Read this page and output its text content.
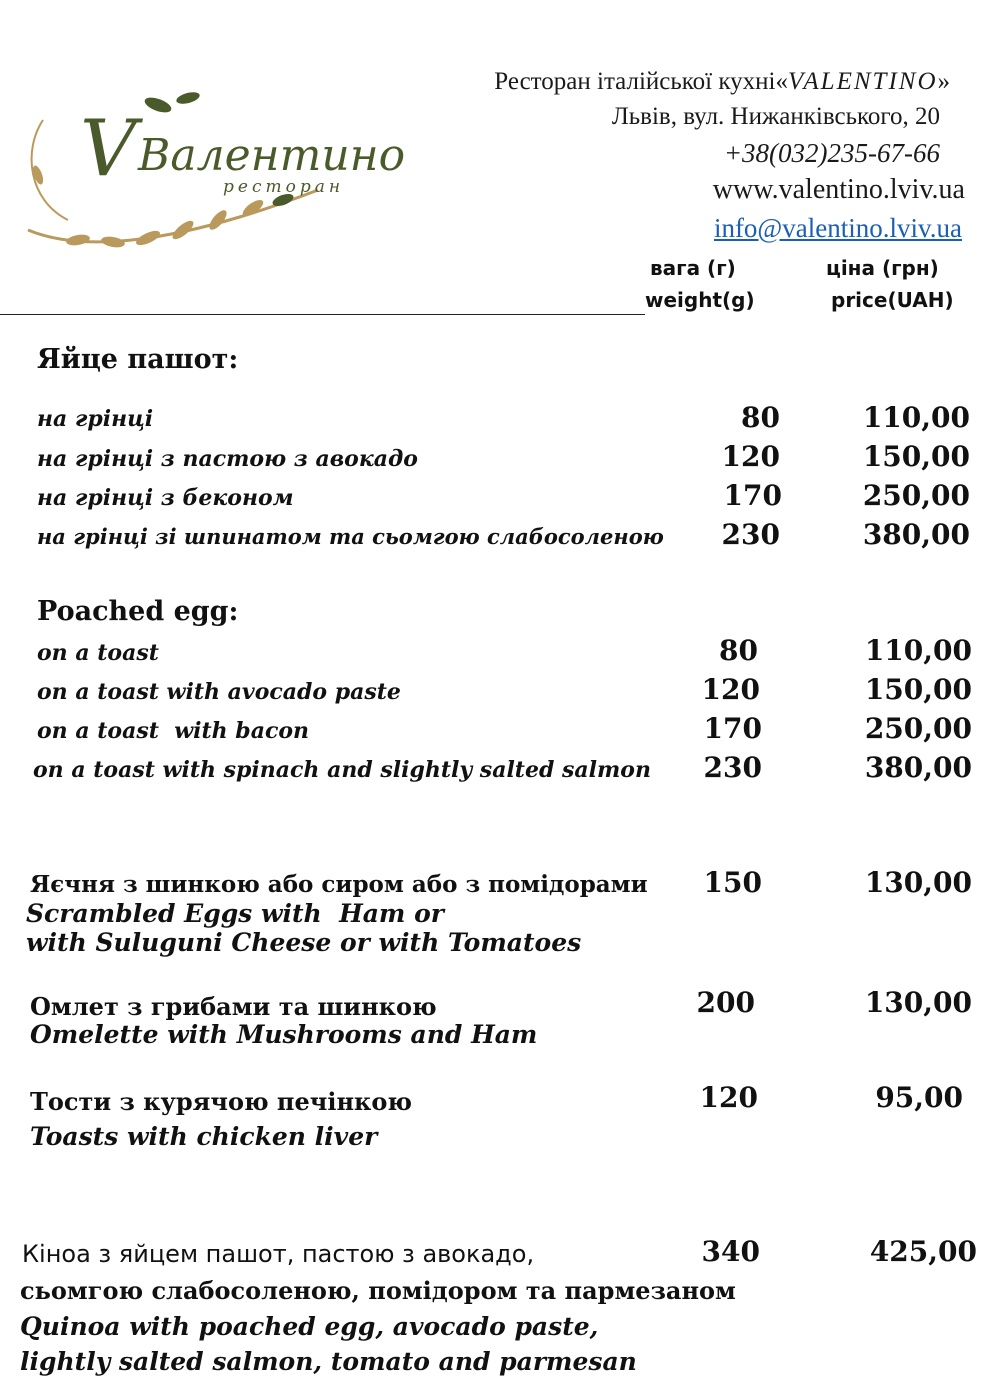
V Валентино
ресторан
Ресторан італійської кухні«VALENTINO»
Львів, вул. Нижанківського, 20
+38(032)235-67-66
www.valentino.lviv.ua
info@valentino.lviv.ua
вага (г)	ціна (грн)
weight(g)	price(UAH)
Яйце пашот:
на грінці	80	110,00
на грінці з пастою з авокадо	120	150,00
на грінці з беконом	170	250,00
на грінці зі шпинатом та сьомгою слабосоленою	230	380,00
Poached egg:
on a toast	80	110,00
on a toast with avocado paste	120	150,00
on a toast  with bacon	170	250,00
on a toast with spinach and slightly salted salmon	230	380,00
Яєчня з шинкою або сиром або з помідорами	150	130,00
Scrambled Eggs with  Ham or
with Suluguni Cheese or with Tomatoes
Омлет з грибами та шинкою	200	130,00
Omelette with Mushrooms and Ham
Тости з курячою печінкою	120	95,00
Toasts with chicken liver
Кіноа з яйцем пашот, пастою з авокадо,	340	425,00
сьомгою слабосоленою, помідором та пармезаном
Quinoa with poached egg, avocado paste,
lightly salted salmon, tomato and parmesan
